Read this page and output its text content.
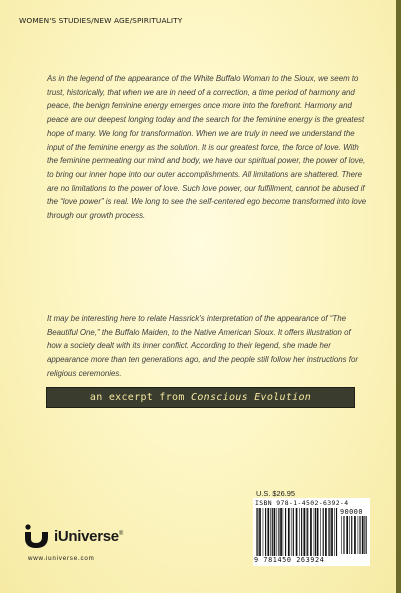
WOMEN'S STUDIES/NEW AGE/SPIRITUALITY

As in the legend of the appearance of the White Buffalo Woman to the Sioux, we seem to trust, historically, that when we are in need of a correction, a time period of harmony and peace, the benign feminine energy emerges once more into the forefront. Harmony and peace are our deepest longing today and the search for the feminine energy is the greatest hope of many. We long for transformation. When we are truly in need we understand the input of the feminine energy as the solution. It is our greatest force, the force of love. With the feminine permeating our mind and body, we have our spiritual power, the power of love, to bring our inner hope into our outer accomplishments. All limitations are shattered. There are no limitations to the power of love. Such love power, our fulfillment, cannot be abused if the “love power” is real. We long to see the self-centered ego become transformed into love through our growth process.

It may be interesting here to relate Hassrick’s interpretation of the appearance of “The Beautiful One,” the Buffalo Maiden, to the Native American Sioux. It offers illustration of how a society dealt with its inner conflict. According to their legend, she made her appearance more than ten generations ago, and the people still follow her instructions for religious ceremonies.

an excerpt from Conscious Evolution
iUniverse®
www.iuniverse.com
U.S. $26.95
ISBN 978-1-4502-6392-4
90000
9 781450 263924
